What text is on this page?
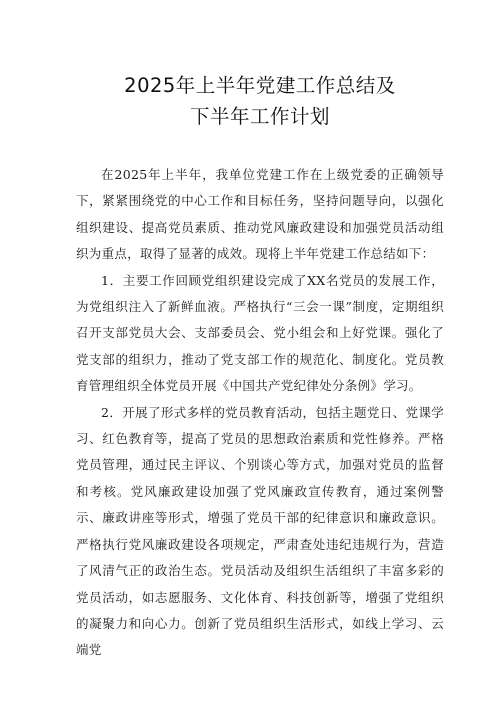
2025年上半年党建工作总结及
下半年工作计划

在2025年上半年，我单位党建工作在上级党委的正确领导下，紧紧围绕党的中心工作和目标任务，坚持问题导向，以强化组织建设、提高党员素质、推动党风廉政建设和加强党员活动组织为重点，取得了显著的成效。现将上半年党建工作总结如下：

1．主要工作回顾党组织建设完成了XX名党员的发展工作，为党组织注入了新鲜血液。严格执行“三会一课”制度，定期组织召开支部党员大会、支部委员会、党小组会和上好党课。强化了党支部的组织力，推动了党支部工作的规范化、制度化。党员教育管理组织全体党员开展《中国共产党纪律处分条例》学习。

2．开展了形式多样的党员教育活动，包括主题党日、党课学习、红色教育等，提高了党员的思想政治素质和党性修养。严格党员管理，通过民主评议、个别谈心等方式，加强对党员的监督和考核。党风廉政建设加强了党风廉政宣传教育，通过案例警示、廉政讲座等形式，增强了党员干部的纪律意识和廉政意识。严格执行党风廉政建设各项规定，严肃查处违纪违规行为，营造了风清气正的政治生态。党员活动及组织生活组织了丰富多彩的党员活动，如志愿服务、文化体育、科技创新等，增强了党组织的凝聚力和向心力。创新了党员组织生活形式，如线上学习、云端党
